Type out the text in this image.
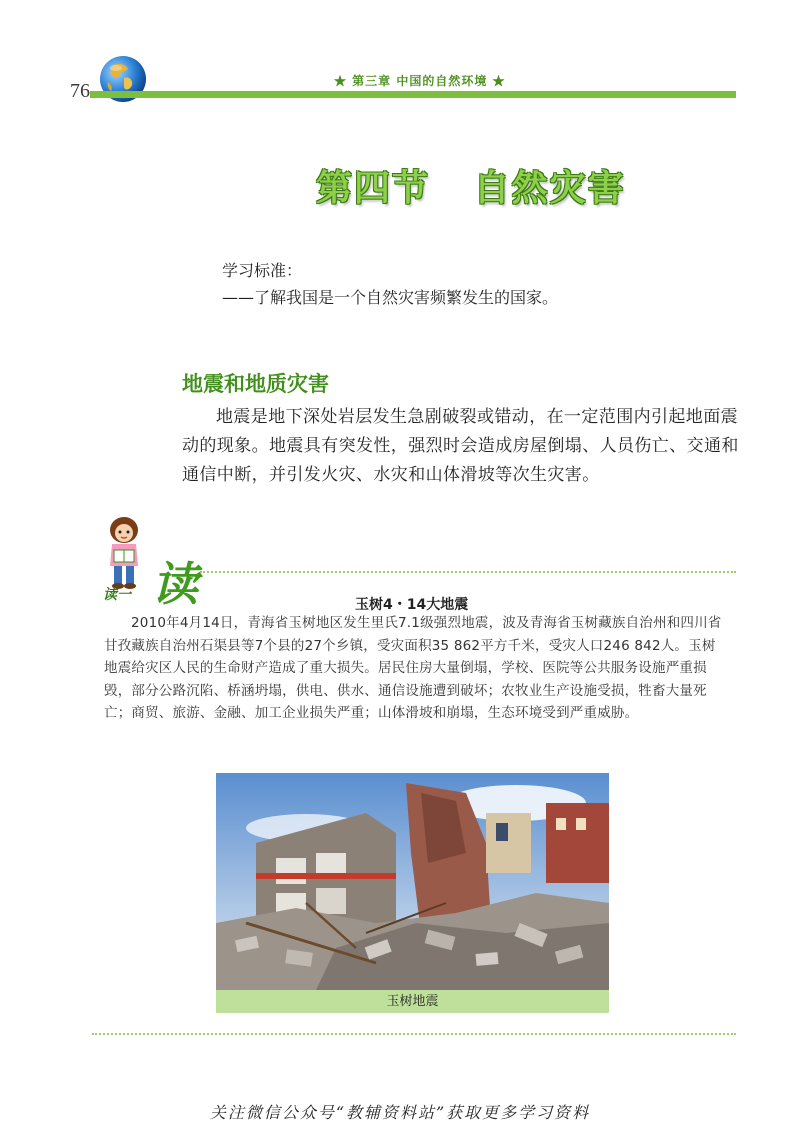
76	★ 第三章 中国的自然环境 ★
第四节   自然灾害
学习标准：
——了解我国是一个自然灾害频繁发生的国家。
地震和地质灾害
地震是地下深处岩层发生急剧破裂或错动，在一定范围内引起地面震动的现象。地震具有突发性，强烈时会造成房屋倒塌、人员伤亡、交通和通信中断，并引发火灾、水灾和山体滑坡等次生灾害。
读一 读	玉树4・14大地震
2010年4月14日，青海省玉树地区发生里氏7.1级强烈地震，波及青海省玉树藏族自治州和四川省甘孜藏族自治州石渠县等7个县的27个乡镇，受灾面积35 862平方千米，受灾人口246 842人。玉树地震给灾区人民的生命财产造成了重大损失。居民住房大量倒塌，学校、医院等公共服务设施严重损毁，部分公路沉陷、桥涵坍塌，供电、供水、通信设施遭到破坏；农牧业生产设施受损，牲畜大量死亡；商贸、旅游、金融、加工企业损失严重；山体滑坡和崩塌，生态环境受到严重威胁。
玉树地震
关注微信公众号“教辅资料站”获取更多学习资料
